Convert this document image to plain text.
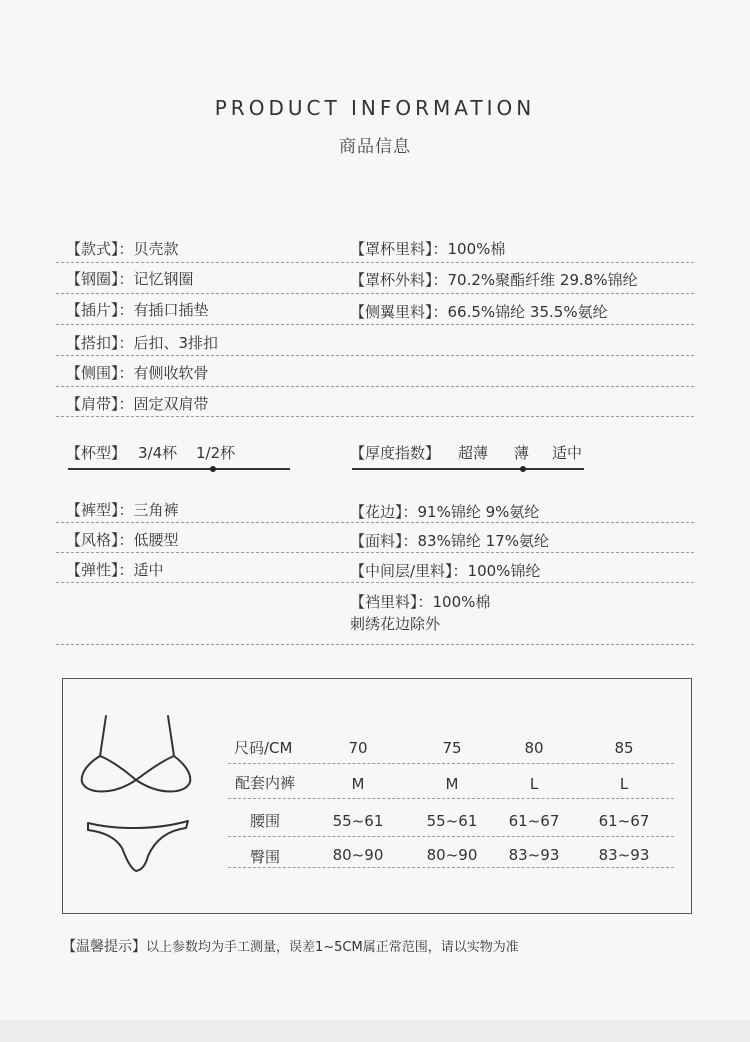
PRODUCT INFORMATION
商品信息
【款式】：贝壳款
【钢圈】：记忆钢圈
【插片】：有插口插垫
【搭扣】：后扣、3排扣
【侧围】：有侧收软骨
【肩带】：固定双肩带
【罩杯里料】：100%棉
【罩杯外料】：70.2%聚酯纤维 29.8%锦纶
【侧翼里料】：66.5%锦纶 35.5%氨纶
【杯型】 3/4杯 1/2杯	【厚度指数】 超薄 薄 适中
【裤型】：三角裤
【风格】：低腰型
【弹性】：适中
【花边】：91%锦纶 9%氨纶
【面料】：83%锦纶 17%氨纶
【中间层/里料】：100%锦纶
【裆里料】：100%棉
刺绣花边除外
尺码/CM	70	75	80	85
配套内裤	M	M	L	L
腰围	55~61	55~61	61~67	61~67
臀围	80~90	80~90	83~93	83~93
【温馨提示】以上参数均为手工测量，误差1~5CM属正常范围，请以实物为准
